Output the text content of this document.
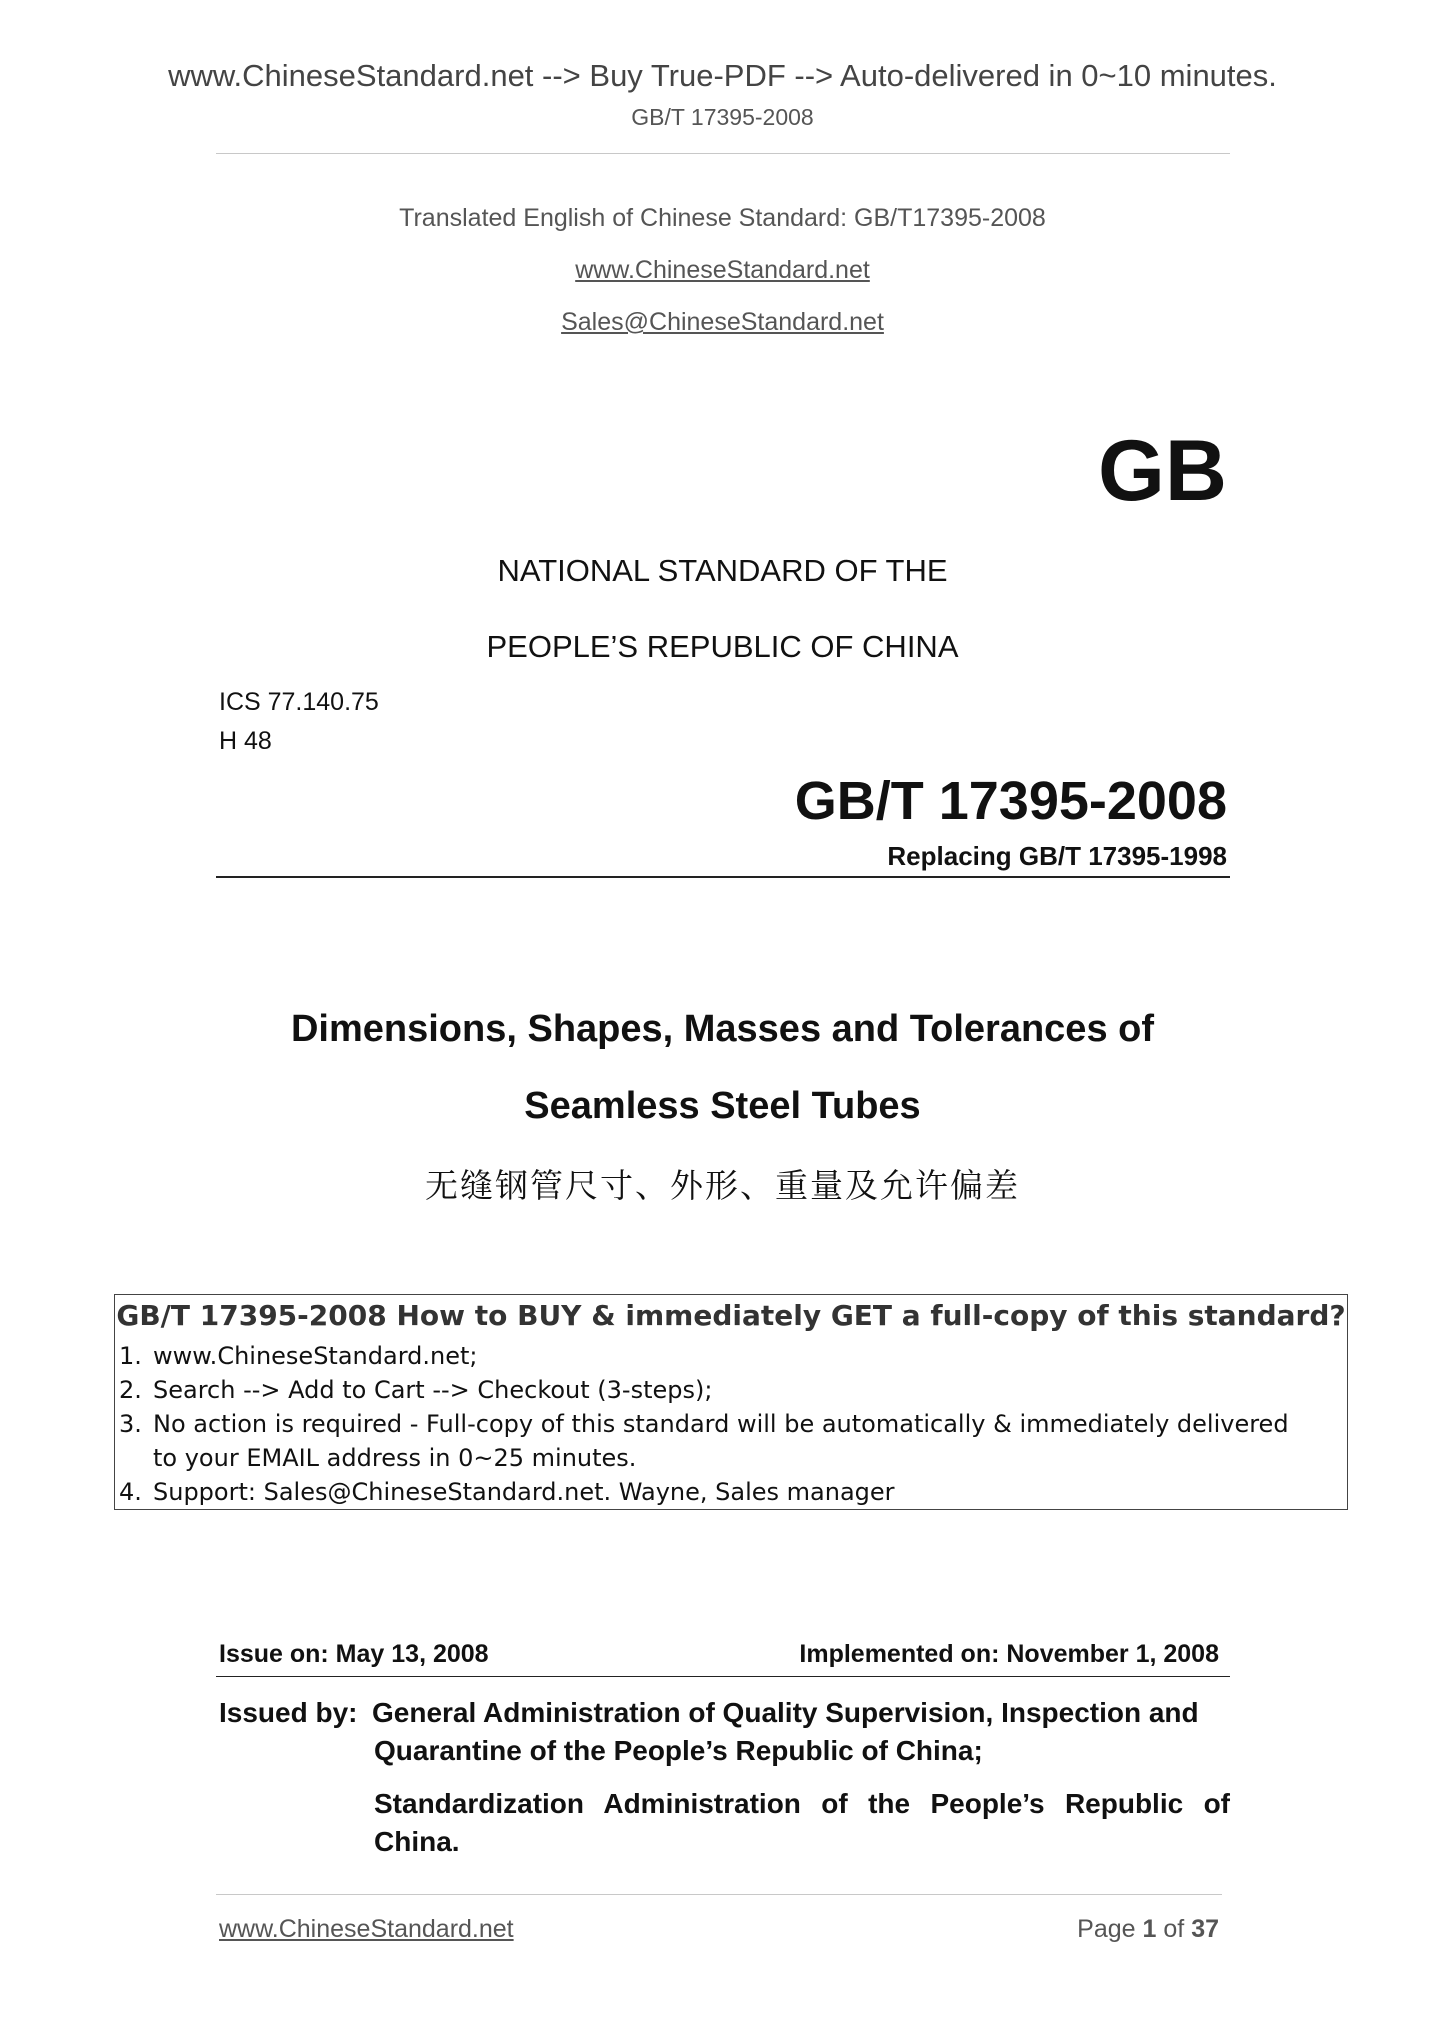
www.ChineseStandard.net --> Buy True-PDF --> Auto-delivered in 0~10 minutes.
GB/T 17395-2008
Translated English of Chinese Standard: GB/T17395-2008
www.ChineseStandard.net
Sales@ChineseStandard.net
GB
NATIONAL STANDARD OF THE
PEOPLE’S REPUBLIC OF CHINA
ICS 77.140.75
H 48
GB/T 17395-2008
Replacing GB/T 17395-1998
Dimensions, Shapes, Masses and Tolerances of
Seamless Steel Tubes
无缝钢管尺寸、外形、重量及允许偏差
GB/T 17395-2008 How to BUY & immediately GET a full-copy of this standard?
1. www.ChineseStandard.net;
2. Search --> Add to Cart --> Checkout (3-steps);
3. No action is required - Full-copy of this standard will be automatically & immediately delivered to your EMAIL address in 0~25 minutes.
4. Support: Sales@ChineseStandard.net. Wayne, Sales manager
Issue on: May 13, 2008	Implemented on: November 1, 2008
Issued by: General Administration of Quality Supervision, Inspection and
Quarantine of the People’s Republic of China;
Standardization Administration of the People’s Republic of
China.
www.ChineseStandard.net	Page 1 of 37
